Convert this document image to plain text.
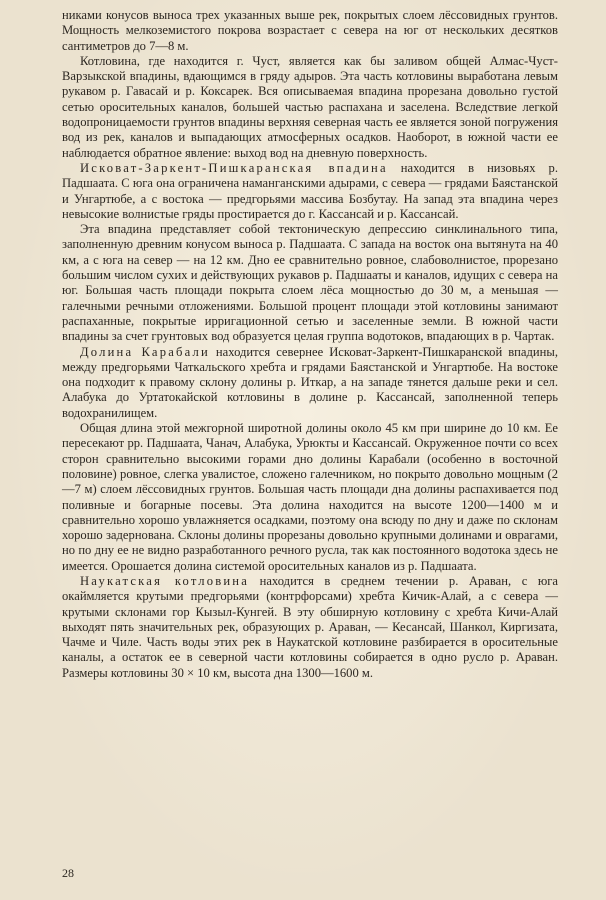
никами конусов выноса трех указанных выше рек, покрытых слоем лёссовидных грунтов. Мощность мелкоземистого покрова возрастает с севера на юг от нескольких десятков сантиметров до 7—8 м.

Котловина, где находится г. Чуст, является как бы заливом общей Алмас-Чуст-Варзыкской впадины, вдающимся в гряду адыров. Эта часть котловины выработана левым рукавом р. Гавасай и р. Коксарек. Вся описываемая впадина прорезана довольно густой сетью оросительных каналов, большей частью распахана и заселена. Вследствие легкой водопроницаемости грунтов впадины верхняя северная часть ее является зоной погружения вод из рек, каналов и выпадающих атмосферных осадков. Наоборот, в южной части ее наблюдается обратное явление: выход вод на дневную поверхность.

Исковат-Заркент-Пишкаранская впадина находится в низовьях р. Падшаата. С юга она ограничена наманганскими адырами, с севера — грядами Баястанской и Унгартюбе, а с востока — предгорьями массива Бозбутау. На запад эта впадина через невысокие волнистые гряды простирается до г. Кассансай и р. Кассансай.

Эта впадина представляет собой тектоническую депрессию синклинального типа, заполненную древним конусом выноса р. Падшаата. С запада на восток она вытянута на 40 км, а с юга на север — на 12 км. Дно ее сравнительно ровное, слабоволнистое, прорезано большим числом сухих и действующих рукавов р. Падшааты и каналов, идущих с севера на юг. Большая часть площади покрыта слоем лёса мощностью до 30 м, а меньшая — галечными речными отложениями. Большой процент площади этой котловины занимают распаханные, покрытые ирригационной сетью и заселенные земли. В южной части впадины за счет грунтовых вод образуется целая группа водотоков, впадающих в р. Чартак.

Долина Карабали находится севернее Исковат-Заркент-Пишкаранской впадины, между предгорьями Чаткальского хребта и грядами Баястанской и Унгартюбе. На востоке она подходит к правому склону долины р. Иткар, а на западе тянется дальше реки и сел. Алабука до Уртатокайской котловины в долине р. Кассансай, заполненной теперь водохранилищем.

Общая длина этой межгорной широтной долины около 45 км при ширине до 10 км. Ее пересекают рр. Падшаата, Чанач, Алабука, Урюкты и Кассансай. Окруженное почти со всех сторон сравнительно высокими горами дно долины Карабали (особенно в восточной половине) ровное, слегка увалистое, сложено галечником, но покрыто довольно мощным (2—7 м) слоем лёссовидных грунтов. Большая часть площади дна долины распахивается под поливные и богарные посевы. Эта долина находится на высоте 1200—1400 м и сравнительно хорошо увлажняется осадками, поэтому она всюду по дну и даже по склонам хорошо задернована. Склоны долины прорезаны довольно крупными долинами и оврагами, но по дну ее не видно разработанного речного русла, так как постоянного водотока здесь не имеется. Орошается долина системой оросительных каналов из р. Падшаата.

Наукатская котловина находится в среднем течении р. Араван, с юга окаймляется крутыми предгорьями (контрфорсами) хребта Кичик-Алай, а с севера — крутыми склонами гор Кызыл-Кунгей. В эту обширную котловину с хребта Кичи-Алай выходят пять значительных рек, образующих р. Араван, — Кесансай, Шанкол, Киргизата, Чачме и Чиле. Часть воды этих рек в Наукатской котловине разбирается в оросительные каналы, а остаток ее в северной части котловины собирается в одно русло р. Араван. Размеры котловины 30 × 10 км, высота дна 1300—1600 м.

28
